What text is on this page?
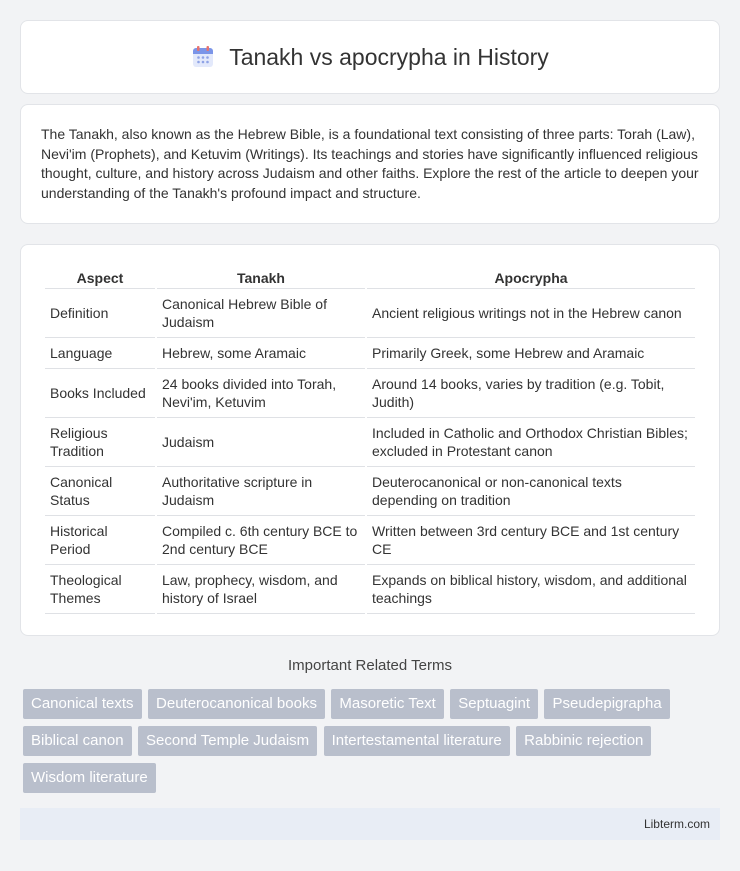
Tanakh vs apocrypha in History

The Tanakh, also known as the Hebrew Bible, is a foundational text consisting of three parts: Torah (Law), Nevi'im (Prophets), and Ketuvim (Writings). Its teachings and stories have significantly influenced religious thought, culture, and history across Judaism and other faiths. Explore the rest of the article to deepen your understanding of the Tanakh's profound impact and structure.

Aspect	Tanakh	Apocrypha
Definition	Canonical Hebrew Bible of Judaism	Ancient religious writings not in the Hebrew canon
Language	Hebrew, some Aramaic	Primarily Greek, some Hebrew and Aramaic
Books Included	24 books divided into Torah, Nevi'im, Ketuvim	Around 14 books, varies by tradition (e.g. Tobit, Judith)
Religious Tradition	Judaism	Included in Catholic and Orthodox Christian Bibles; excluded in Protestant canon
Canonical Status	Authoritative scripture in Judaism	Deuterocanonical or non-canonical texts depending on tradition
Historical Period	Compiled c. 6th century BCE to 2nd century BCE	Written between 3rd century BCE and 1st century CE
Theological Themes	Law, prophecy, wisdom, and history of Israel	Expands on biblical history, wisdom, and additional teachings
Important Related Terms
Canonical texts Deuterocanonical books Masoretic Text Septuagint Pseudepigrapha Biblical canon Second Temple Judaism Intertestamental literature Rabbinic rejection Wisdom literature
Libterm.com
